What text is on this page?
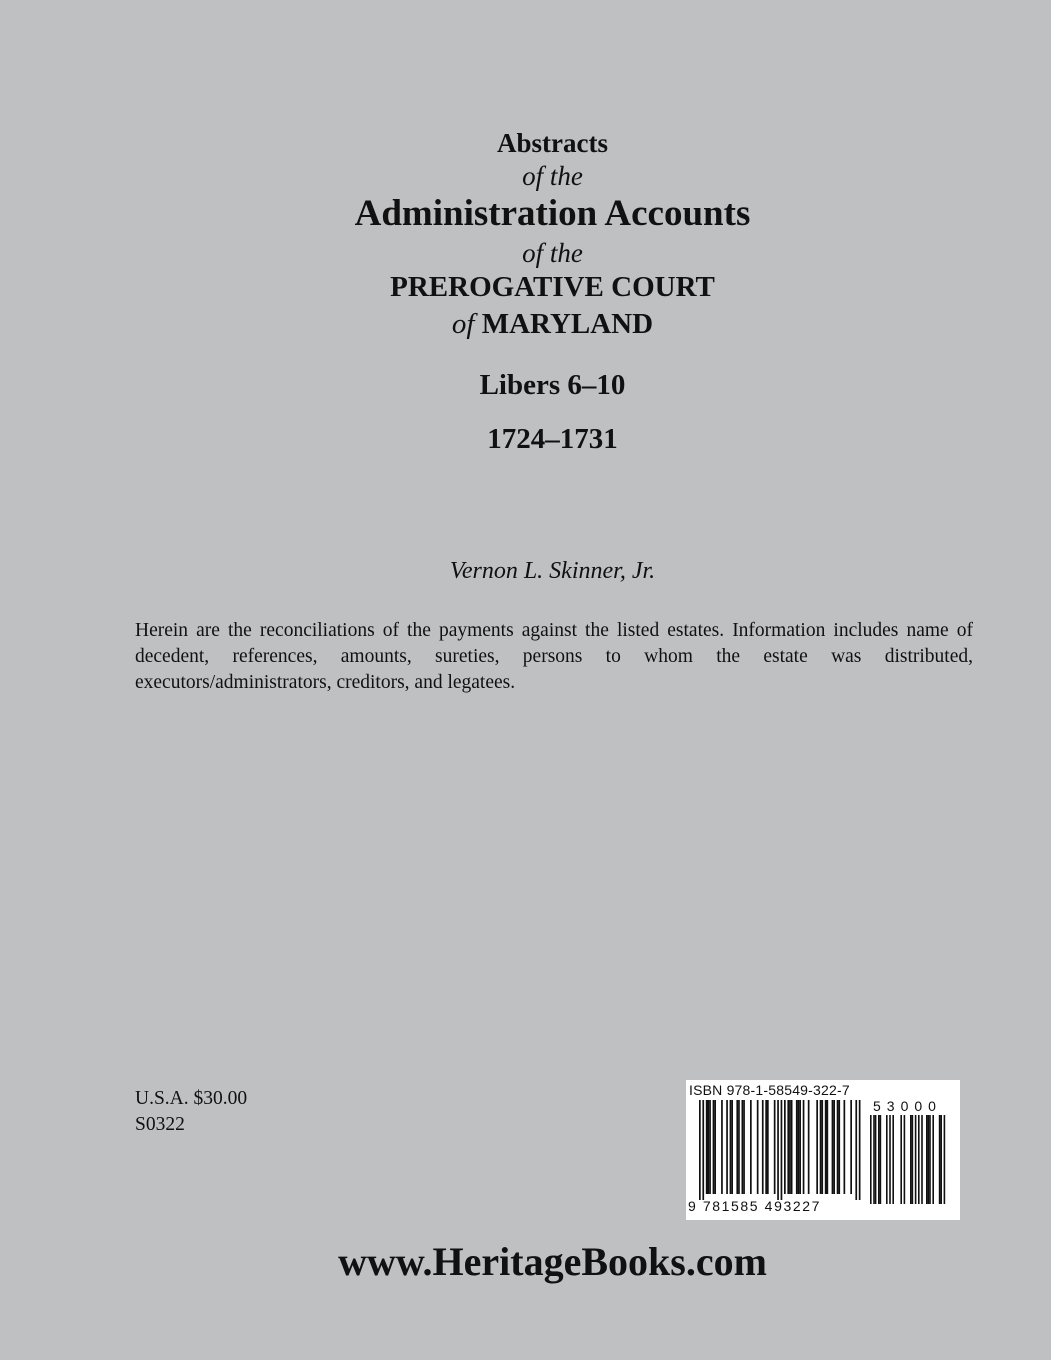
Abstracts
of the
Administration Accounts
of the
PREROGATIVE COURT
of MARYLAND
Libers 6–10
1724–1731
Vernon L. Skinner, Jr.
Herein are the reconciliations of the payments against the listed estates. Information includes name of decedent, references, amounts, sureties, persons to whom the estate was distributed, executors/administrators, creditors, and legatees.
U.S.A. $30.00
S0322
ISBN 978-1-58549-322-7
53000
9 781585 493227
www.HeritageBooks.com
